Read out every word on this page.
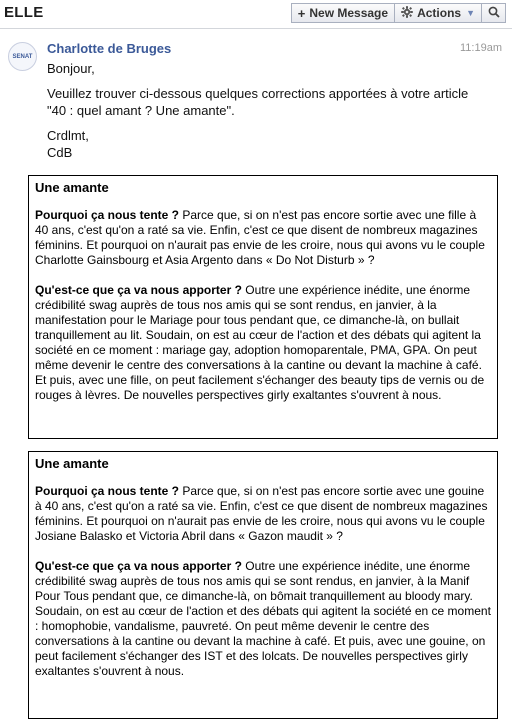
ELLE	+ New Message Actions ▼
SENAT
Charlotte de Bruges	11:19am

Bonjour,

Veuillez trouver ci-dessous quelques corrections apportées à votre article "40 : quel amant ? Une amante".

Crdlmt,

CdB

Une amante

Pourquoi ça nous tente ? Parce que, si on n'est pas encore sortie avec une fille à 40 ans, c'est qu'on a raté sa vie. Enfin, c'est ce que disent de nombreux magazines féminins. Et pourquoi on n'aurait pas envie de les croire, nous qui avons vu le couple Charlotte Gainsbourg et Asia Argento dans « Do Not Disturb » ?

Qu'est-ce que ça va nous apporter ? Outre une expérience inédite, une énorme crédibilité swag auprès de tous nos amis qui se sont rendus, en janvier, à la manifestation pour le Mariage pour tous pendant que, ce dimanche-là, on bullait tranquillement au lit. Soudain, on est au cœur de l'action et des débats qui agitent la société en ce moment : mariage gay, adoption homoparentale, PMA, GPA. On peut même devenir le centre des conversations à la cantine ou devant la machine à café. Et puis, avec une fille, on peut facilement s'échanger des beauty tips de vernis ou de rouges à lèvres. De nouvelles perspectives girly exaltantes s'ouvrent à nous.

Une amante

Pourquoi ça nous tente ? Parce que, si on n'est pas encore sortie avec une gouine à 40 ans, c'est qu'on a raté sa vie. Enfin, c'est ce que disent de nombreux magazines féminins. Et pourquoi on n'aurait pas envie de les croire, nous qui avons vu le couple Josiane Balasko et Victoria Abril dans « Gazon maudit » ?

Qu'est-ce que ça va nous apporter ? Outre une expérience inédite, une énorme crédibilité swag auprès de tous nos amis qui se sont rendus, en janvier, à la Manif Pour Tous pendant que, ce dimanche-là, on bômait tranquillement au bloody mary. Soudain, on est au cœur de l'action et des débats qui agitent la société en ce moment : homophobie, vandalisme, pauvreté. On peut même devenir le centre des conversations à la cantine ou devant la machine à café. Et puis, avec une gouine, on peut facilement s'échanger des IST et des lolcats. De nouvelles perspectives girly exaltantes s'ouvrent à nous.
